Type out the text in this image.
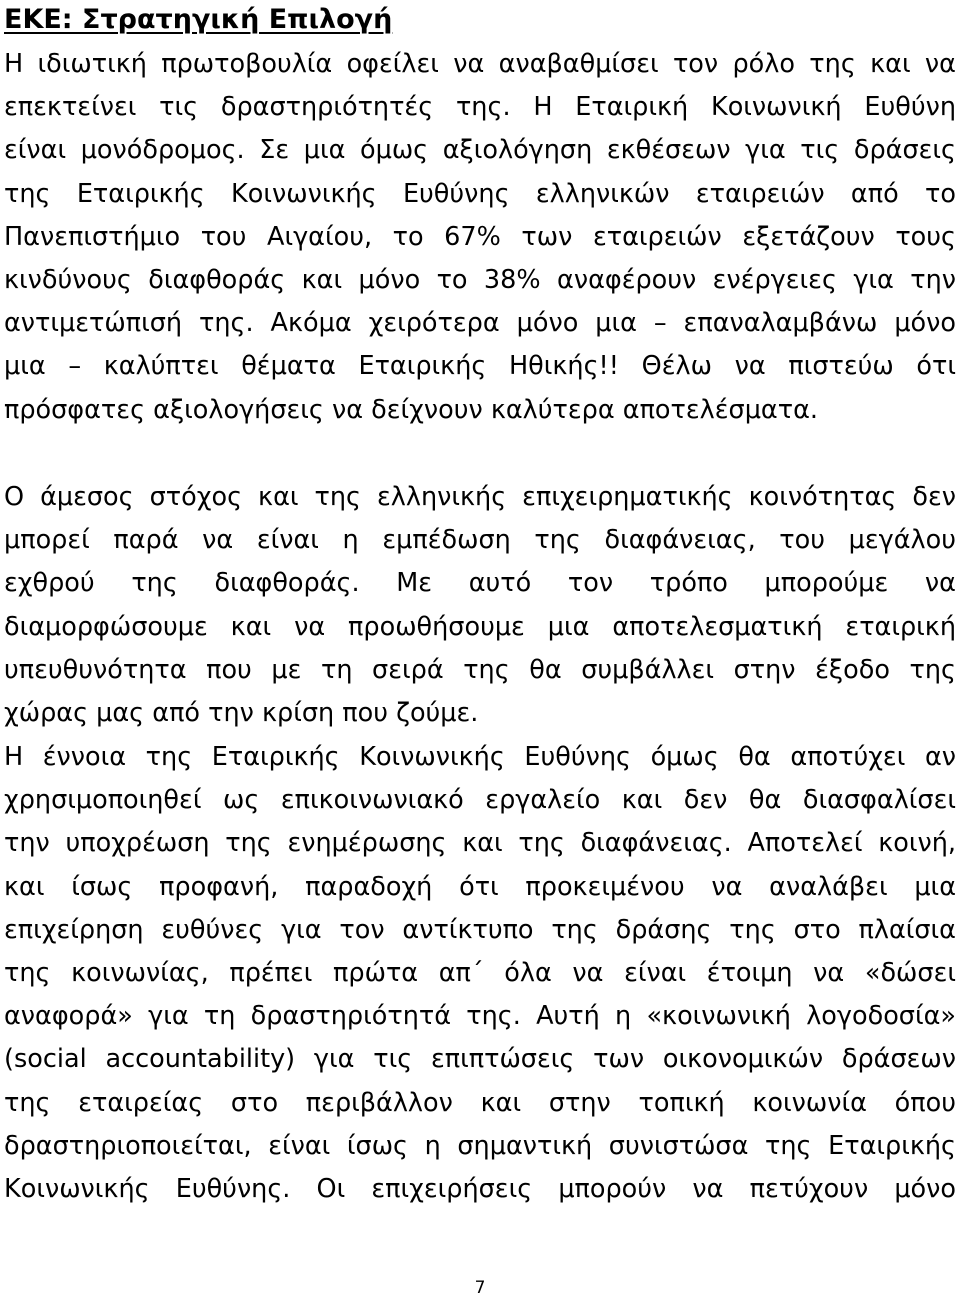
ΕΚΕ: Στρατηγική Επιλογή

Η ιδιωτική πρωτοβουλία οφείλει να αναβαθμίσει τον ρόλο της και να
επεκτείνει τις δραστηριότητές της. Η Εταιρική Κοινωνική Ευθύνη
είναι μονόδρομος. Σε μια όμως αξιολόγηση εκθέσεων για τις δράσεις
της Εταιρικής Κοινωνικής Ευθύνης ελληνικών εταιρειών από το
Πανεπιστήμιο του Αιγαίου, το 67% των εταιρειών εξετάζουν τους
κινδύνους διαφθοράς και μόνο το 38% αναφέρουν ενέργειες για την
αντιμετώπισή της. Ακόμα χειρότερα μόνο μια – επαναλαμβάνω μόνο
μια – καλύπτει θέματα Εταιρικής Ηθικής!! Θέλω να πιστεύω ότι
πρόσφατες αξιολογήσεις να δείχνουν καλύτερα αποτελέσματα.

Ο άμεσος στόχος και της ελληνικής επιχειρηματικής κοινότητας δεν
μπορεί παρά να είναι η εμπέδωση της διαφάνειας, του μεγάλου
εχθρού της διαφθοράς. Με αυτό τον τρόπο μπορούμε να
διαμορφώσουμε και να προωθήσουμε μια αποτελεσματική εταιρική
υπευθυνότητα που με τη σειρά της θα συμβάλλει στην έξοδο της
χώρας μας από την κρίση που ζούμε.

Η έννοια της Εταιρικής Κοινωνικής Ευθύνης όμως θα αποτύχει αν
χρησιμοποιηθεί ως επικοινωνιακό εργαλείο και δεν θα διασφαλίσει
την υποχρέωση της ενημέρωσης και της διαφάνειας. Αποτελεί κοινή,
και ίσως προφανή, παραδοχή ότι προκειμένου να αναλάβει μια
επιχείρηση ευθύνες για τον αντίκτυπο της δράσης της στο πλαίσια
της κοινωνίας, πρέπει πρώτα απ΄ όλα να είναι έτοιμη να «δώσει
αναφορά» για τη δραστηριότητά της. Αυτή η «κοινωνική λογοδοσία»
(social accountability) για τις επιπτώσεις των οικονομικών δράσεων
της εταιρείας στο περιβάλλον και στην τοπική κοινωνία όπου
δραστηριοποιείται, είναι ίσως η σημαντική συνιστώσα της Εταιρικής
Κοινωνικής Ευθύνης. Οι επιχειρήσεις μπορούν να πετύχουν μόνο

7
